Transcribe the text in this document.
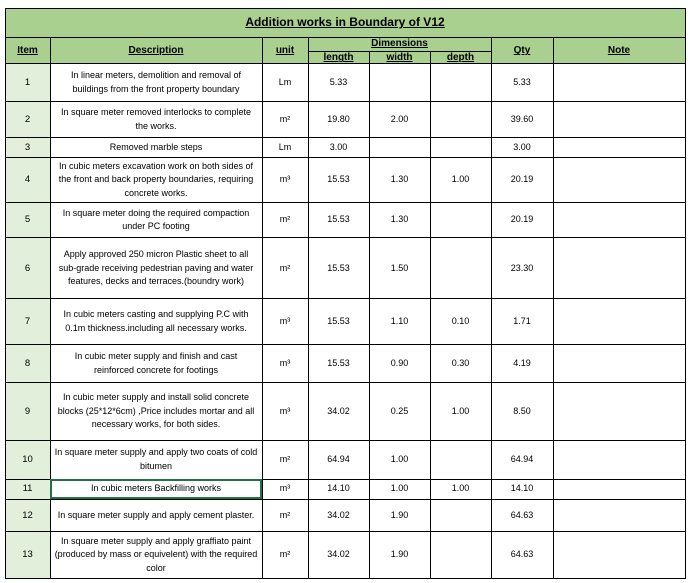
	Addition works in Boundary of V12								
	Item	Description	unit	Dimensions			Qty	Note	
				length	width	depth			
	1	In linear meters, demolition and removal of buildings from the front property boundary	Lm	5.33			5.33		
	2	In square meter removed interlocks to complete the works.	m²	19.80	2.00		39.60		
	3	Removed marble steps	Lm	3.00			3.00		
	4	In cubic meters excavation work on both sides of the front and back property boundaries, requiring concrete works.	m³	15.53	1.30	1.00	20.19		
	5	In square meter doing the required compaction under PC footing	m²	15.53	1.30		20.19		
	6	Apply approved 250 micron Plastic sheet to all sub-grade receiving pedestrian paving and water features, decks and terraces.(boundry work)	m²	15.53	1.50		23.30		
	7	In cubic meters casting and supplying P.C with 0.1m thickness.including all necessary works.	m³	15.53	1.10	0.10	1.71		
	8	In cubic meter supply and finish and cast reinforced concrete for footings	m³	15.53	0.90	0.30	4.19		
	9	In cubic meter supply and install solid concrete blocks (25*12*6cm) ,Price includes mortar and all necessary works, for both sides.	m³	34.02	0.25	1.00	8.50		
	10	In square meter supply and apply two coats of cold bitumen	m²	64.94	1.00		64.94		
	11	In cubic meters Backfilling works	m³	14.10	1.00	1.00	14.10		
	12	In square meter supply and apply cement plaster.	m²	34.02	1.90		64.63		
	13	In square meter supply and apply graffiato paint (produced by mass or equivelent) with the required color	m²	34.02	1.90		64.63		
